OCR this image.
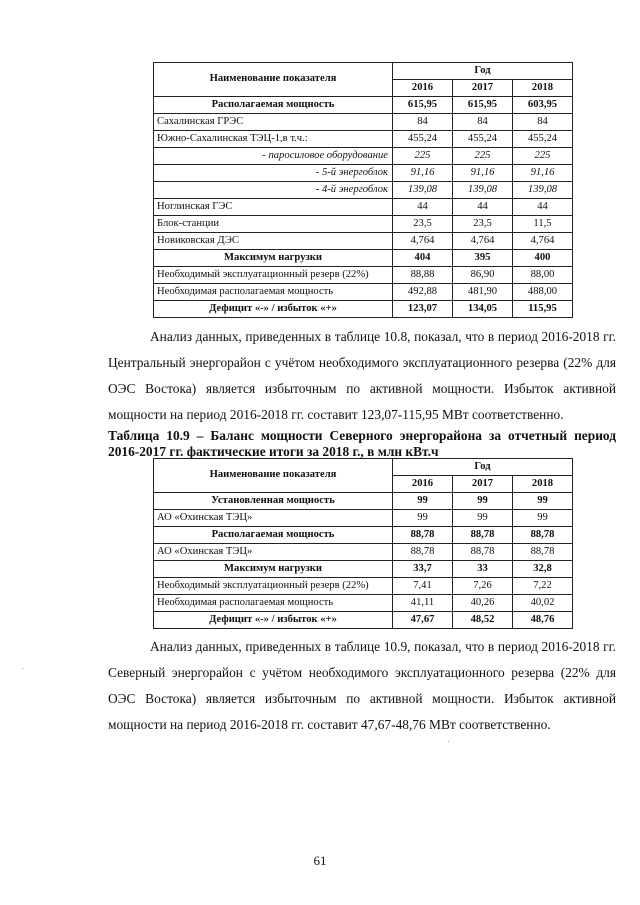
Наименование показателя	Год		
	2016	2017	2018
Располагаемая мощность	615,95	615,95	603,95
Сахалинская ГРЭС	84	84	84
Южно-Сахалинская ТЭЦ-1,в т.ч.:	455,24	455,24	455,24
- паросиловое оборудование	225	225	225
- 5-й энергоблок	91,16	91,16	91,16
- 4-й энергоблок	139,08	139,08	139,08
Ноглинская ГЭС	44	44	44
Блок-станции	23,5	23,5	11,5
Новиковская ДЭС	4,764	4,764	4,764
Максимум нагрузки	404	395	400
Необходимый эксплуатационный резерв (22%)	88,88	86,90	88,00
Необходимая располагаемая мощность	492,88	481,90	488,00
Дефицит «-» / избыток «+»	123,07	134,05	115,95

Анализ данных, приведенных в таблице 10.8, показал, что в период 2016-2018 гг. Центральный энергорайон с учётом необходимого эксплуатационного резерва (22% для ОЭС Востока) является избыточным по активной мощности. Избыток активной мощности на период 2016-2018 гг. составит 123,07-115,95 МВт соответственно.

Таблица 10.9 – Баланс мощности Северного энергорайона за отчетный период 2016-2017 гг. фактические итоги за 2018 г., в млн кВт.ч

Наименование показателя	Год		
	2016	2017	2018
Установленная мощность	99	99	99
АО «Охинская ТЭЦ»	99	99	99
Располагаемая мощность	88,78	88,78	88,78
АО «Охинская ТЭЦ»	88,78	88,78	88,78
Максимум нагрузки	33,7	33	32,8
Необходимый эксплуатационный резерв (22%)	7,41	7,26	7,22
Необходимая располагаемая мощность	41,11	40,26	40,02
Дефицит «-» / избыток «+»	47,67	48,52	48,76

Анализ данных, приведенных в таблице 10.9, показал, что в период 2016-2018 гг. Северный энергорайон с учётом необходимого эксплуатационного резерва (22% для ОЭС Востока) является избыточным по активной мощности. Избыток активной мощности на период 2016-2018 гг. составит 47,67-48,76 МВт соответственно.

61
